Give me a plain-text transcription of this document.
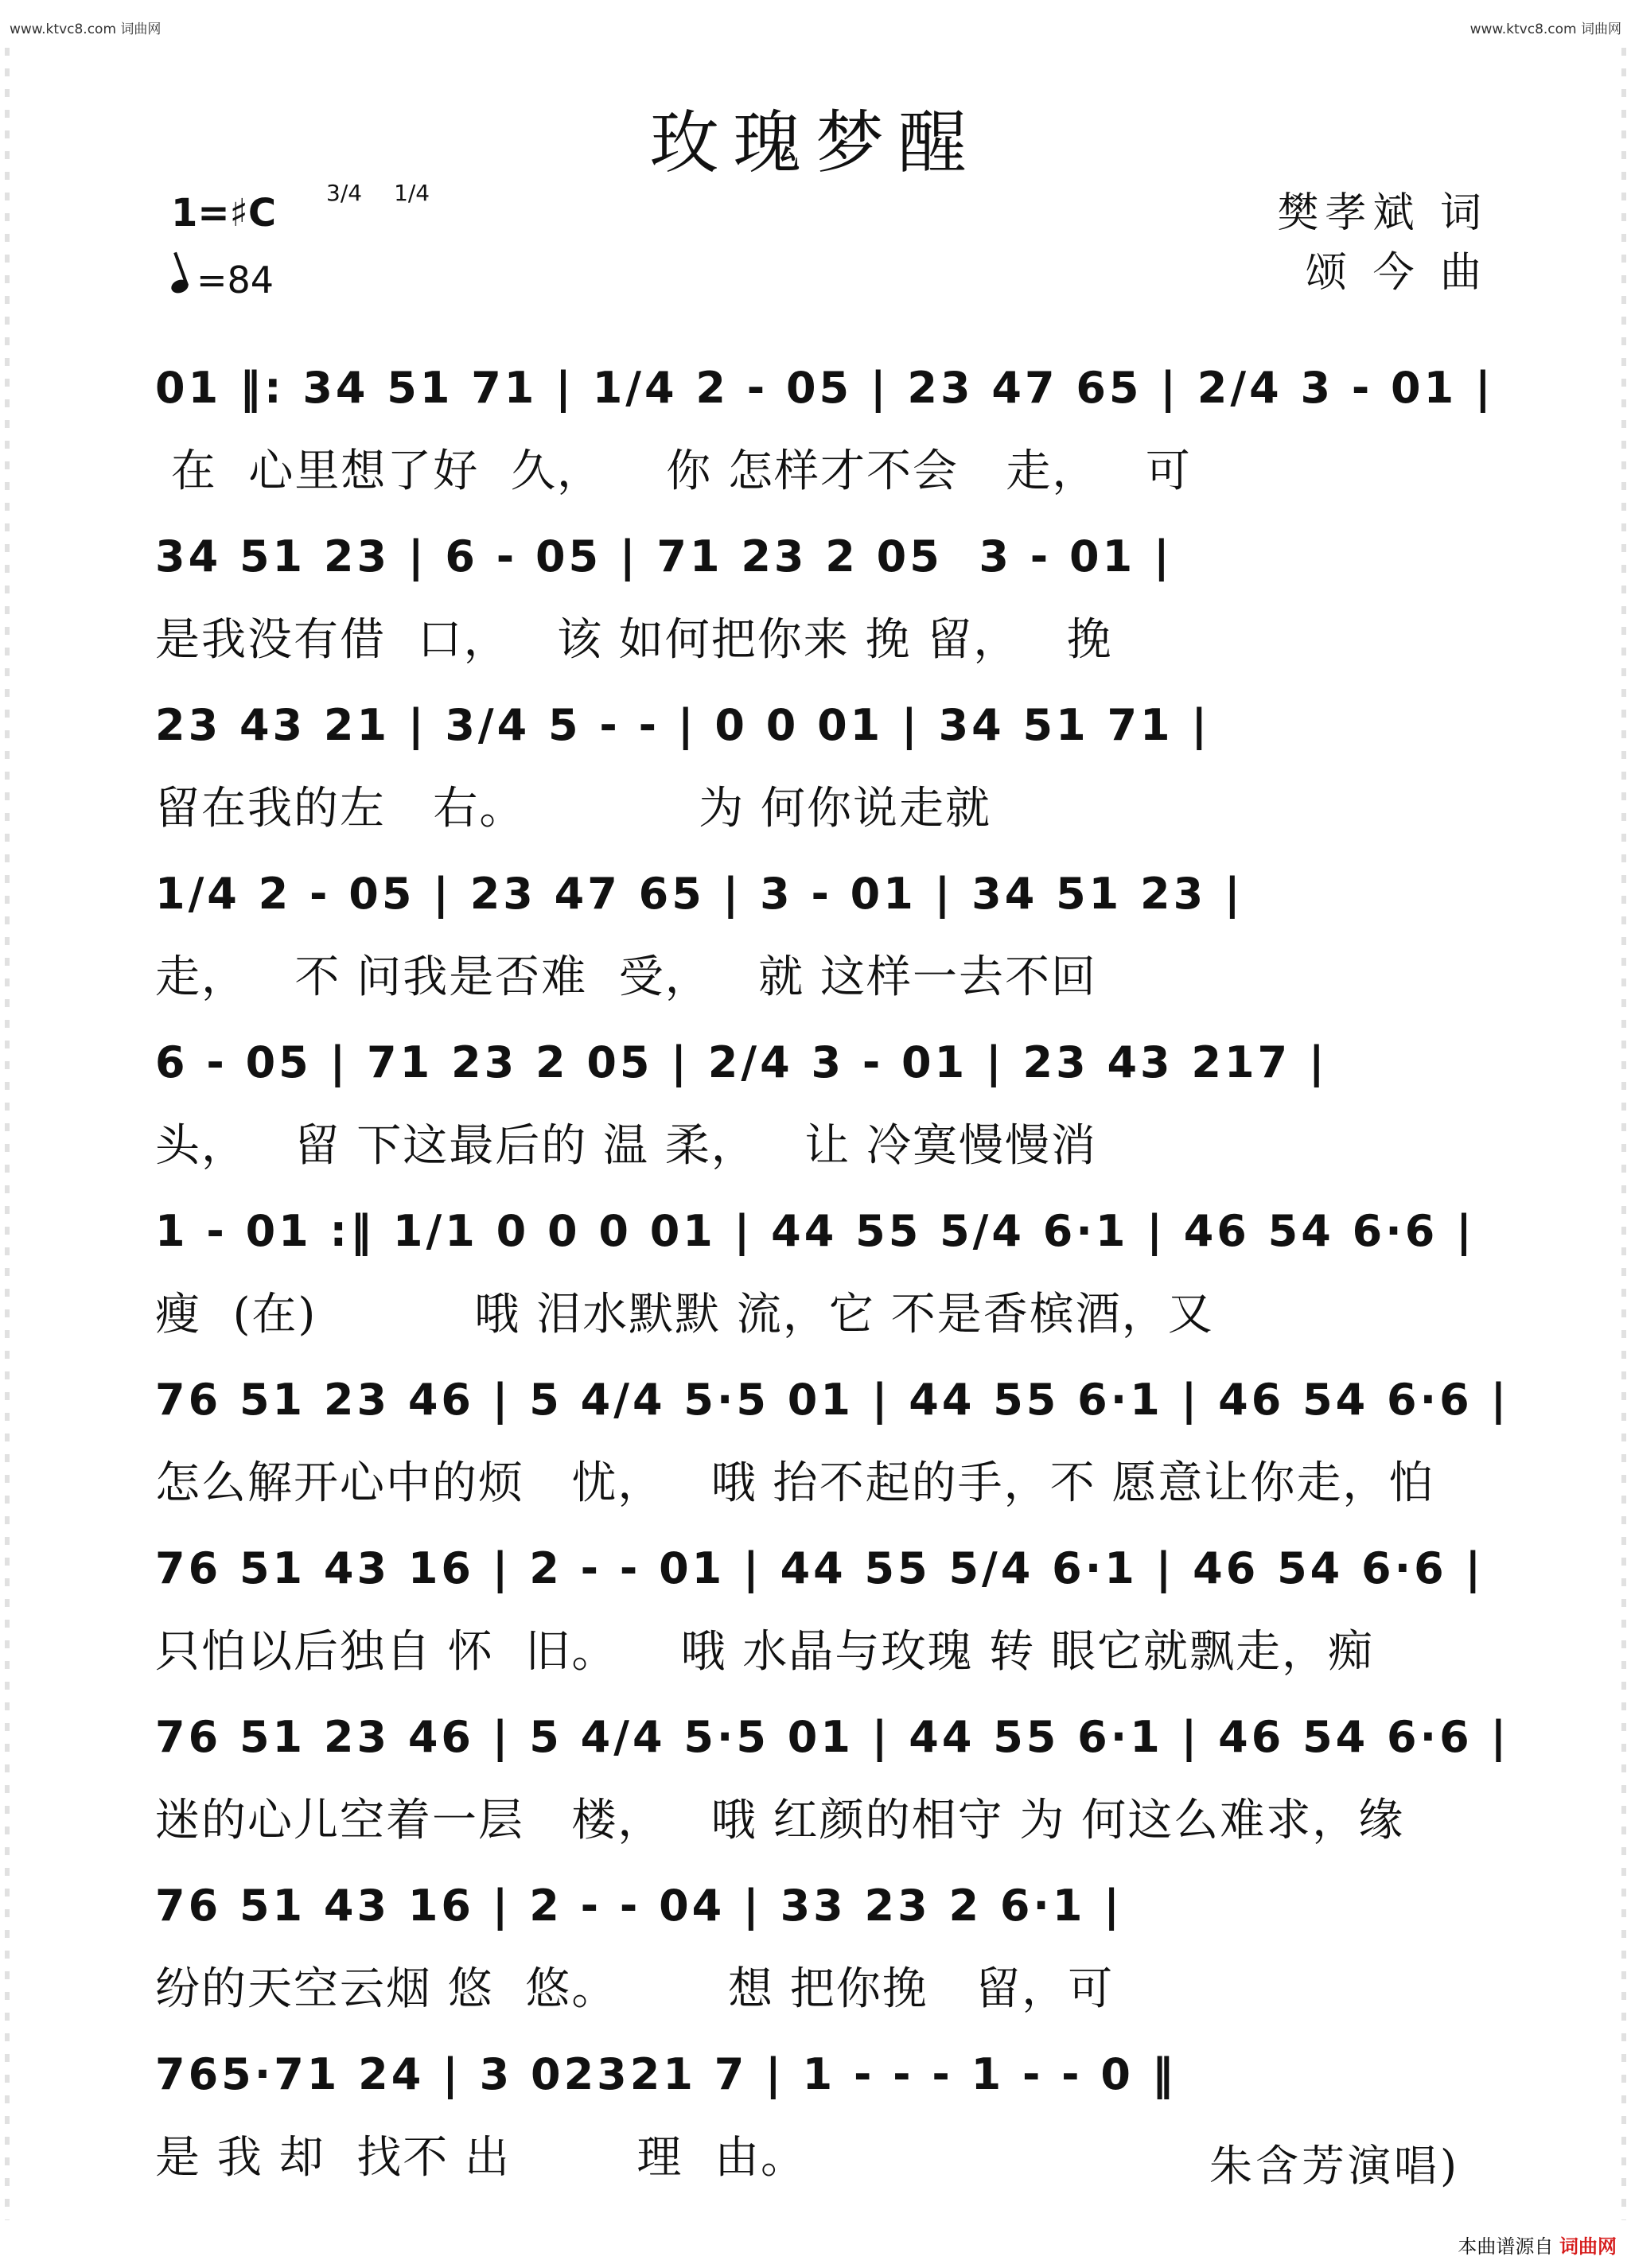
www.ktvc8.com 词曲网	www.ktvc8.com 词曲网
玫瑰梦醒
1=♯C 3/4 1/4
=84
樊孝斌 词
颂 今 曲
01 ‖: 34 51 71 | 1/4 2 - 05 | 23 47 65 | 2/4 3 - 01 |
在  心里想了好  久，    你 怎样才不会   走，   可
34 51 23 | 6 - 05 | 71 23 2 05  3 - 01 |
是我没有借  口，   该 如何把你来 挽 留，   挽
23 43 21 | 3/4 5 - - | 0 0 01 | 34 51 71 |
留在我的左   右。           为 何你说走就
1/4 2 - 05 | 23 47 65 | 3 - 01 | 34 51 23 |
走，   不 问我是否难  受，   就 这样一去不回
6 - 05 | 71 23 2 05 | 2/4 3 - 01 | 23 43 217 |
头，   留 下这最后的 温 柔，   让 冷寞慢慢消
1 - 01 :‖ 1/1 0 0 0 01 | 44 55 5/4 6·1 | 46 54 6·6 |
瘦  (在)          哦 泪水默默 流，它 不是香槟酒，又
76 51 23 46 | 5 4/4 5·5 01 | 44 55 6·1 | 46 54 6·6 |
怎么解开心中的烦   忧，   哦 抬不起的手，不 愿意让你走，怕
76 51 43 16 | 2 - - 01 | 44 55 5/4 6·1 | 46 54 6·6 |
只怕以后独自 怀  旧。    哦 水晶与玫瑰 转 眼它就飘走，痴
76 51 23 46 | 5 4/4 5·5 01 | 44 55 6·1 | 46 54 6·6 |
迷的心儿空着一层   楼，   哦 红颜的相守 为 何这么难求，缘
76 51 43 16 | 2 - - 04 | 33 23 2 6·1 |
纷的天空云烟 悠  悠。       想 把你挽   留，可
765·71 24 | 3 02321 7 | 1 - - - 1 - - 0 ‖
是 我 却  找不 出        理  由。	朱含芳演唱)
本曲谱源自 词曲网
